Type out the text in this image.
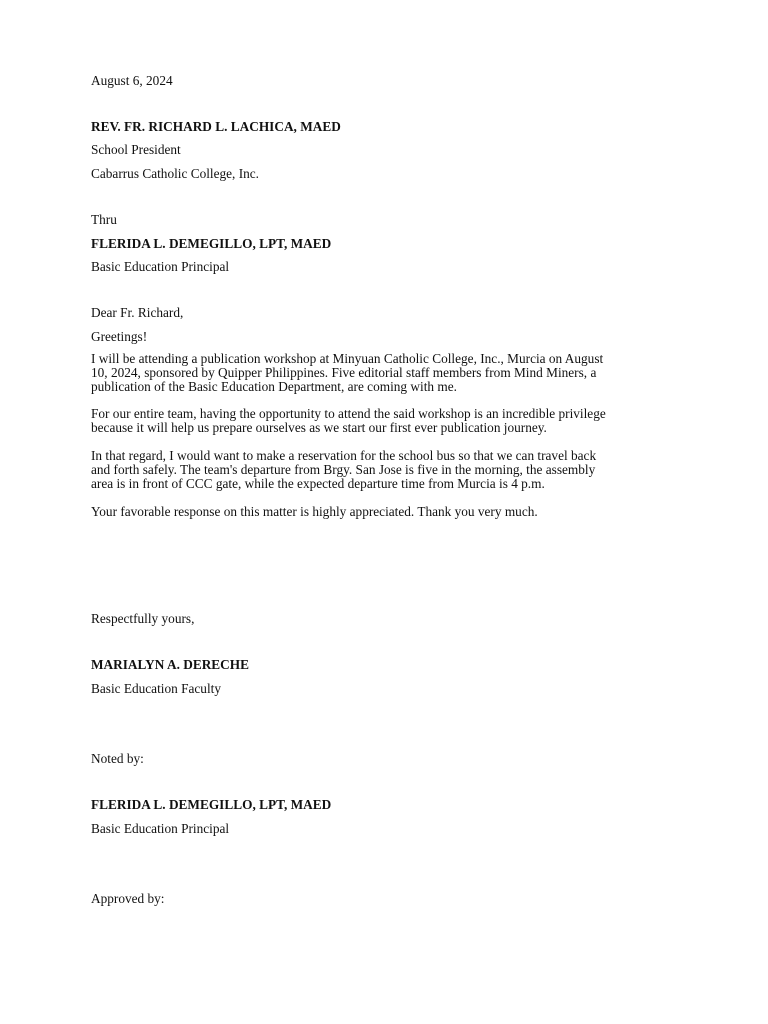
August 6, 2024
REV. FR. RICHARD L. LACHICA, MAED
School President
Cabarrus Catholic College, Inc.
Thru
FLERIDA L. DEMEGILLO, LPT, MAED
Basic Education Principal
Dear Fr. Richard,
Greetings!
I will be attending a publication workshop at Minyuan Catholic College, Inc., Murcia on August
10, 2024, sponsored by Quipper Philippines. Five editorial staff members from Mind Miners, a
publication of the Basic Education Department, are coming with me.
For our entire team, having the opportunity to attend the said workshop is an incredible privilege
because it will help us prepare ourselves as we start our first ever publication journey.
In that regard, I would want to make a reservation for the school bus so that we can travel back
and forth safely. The team's departure from Brgy. San Jose is five in the morning, the assembly
area is in front of CCC gate, while the expected departure time from Murcia is 4 p.m.
Your favorable response on this matter is highly appreciated. Thank you very much.
Respectfully yours,
MARIALYN A. DERECHE
Basic Education Faculty
Noted by:
FLERIDA L. DEMEGILLO, LPT, MAED
Basic Education Principal
Approved by:
